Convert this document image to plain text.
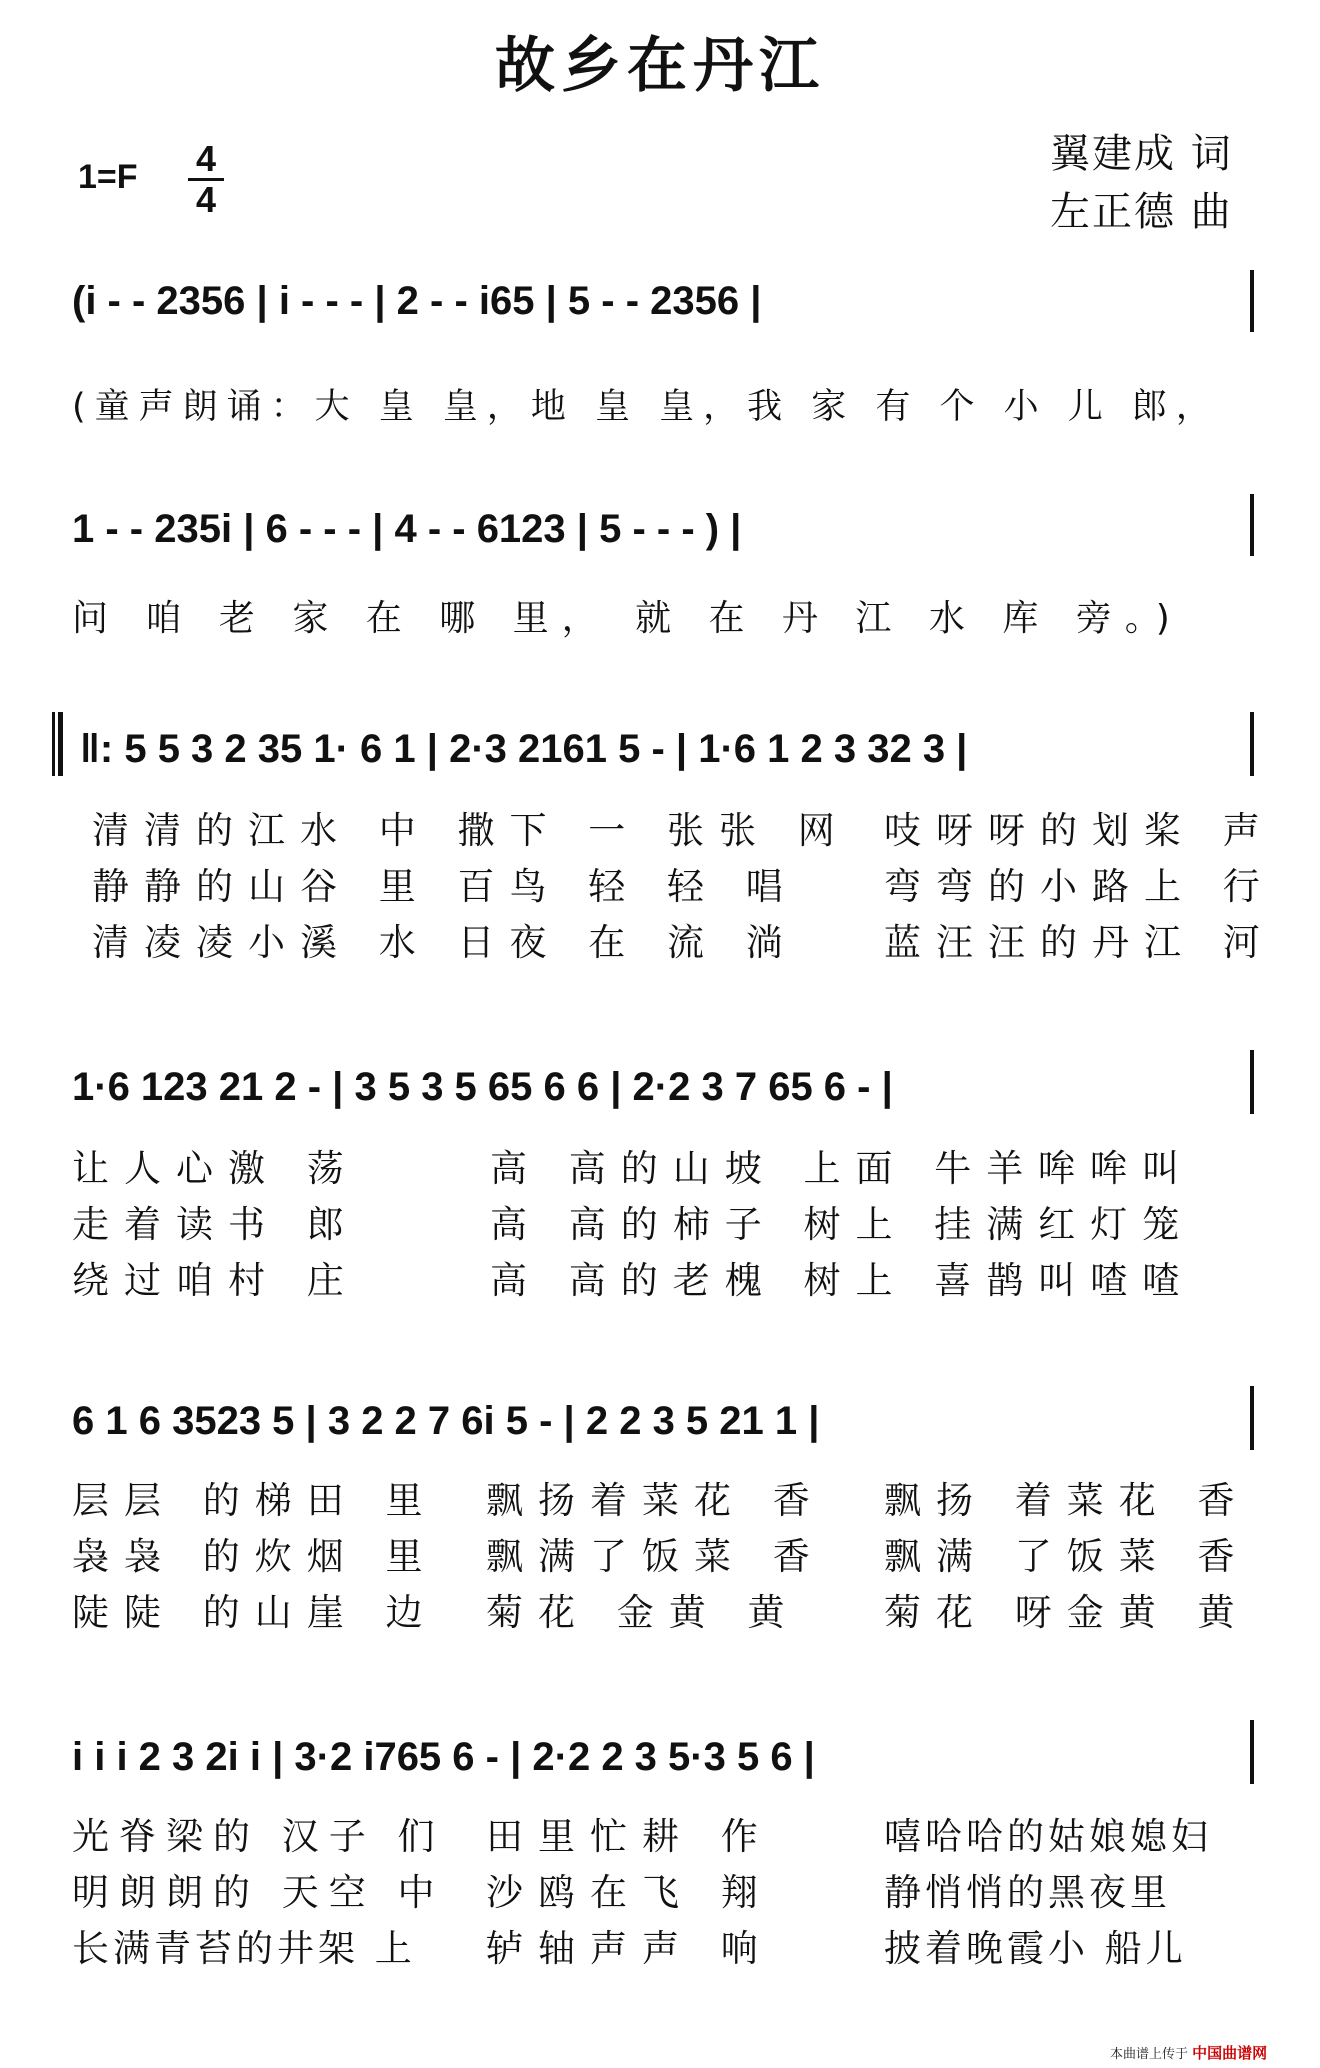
故乡在丹江
1=F 4
4
翼建成 词
左正德 曲
(i - - 2356 | i - - - | 2 - - i65 | 5 - - 2356 |
(童声朗诵：大 皇 皇，地 皇 皇，我 家 有 个 小 儿 郎，
1 - - 235i | 6 - - - | 4 - - 6123 | 5 - - - ) |
问 咱 老 家 在 哪 里， 就 在 丹 江 水 库 旁。)
‖: 5 5 3 2 35 1· 6 1 | 2·3 2161 5 - | 1·6 1 2 3 32 3 |
清清的江水 中 撒下 一 张张 网 吱呀呀的划桨 声
静静的山谷 里 百鸟 轻 轻 唱 弯弯的小路上 行
清凌凌小溪 水 日夜 在 流 淌 蓝汪汪的丹江 河
1·6 123 21 2 - | 3 5 3 5 65 6 6 | 2·2 3 7 65 6 - |
让人心激 荡	高 高的山坡 上面 牛羊哞哞叫
走着读书 郎	高 高的柿子 树上 挂满红灯笼
绕过咱村 庄	高 高的老槐 树上 喜鹊叫喳喳
6 1 6 3523 5 | 3 2 2 7 6i 5 - | 2 2 3 5 21 1 |
层层 的梯田 里 飘扬着菜花 香 飘扬 着菜花 香
袅袅 的炊烟 里 飘满了饭菜 香 飘满 了饭菜 香
陡陡 的山崖 边 菊花 金黄 黄 菊花 呀金黄 黄
i i i 2 3 2i i | 3·2 i765 6 - | 2·2 2 3 5·3 5 6 |
光脊梁的 汉子 们 田里忙耕 作	嘻哈哈的姑娘媳妇
明朗朗的 天空 中 沙鸥在飞 翔	静悄悄的黑夜里
长满青苔的井架 上 轳轴声声 响	披着晚霞小 船儿
本曲谱上传于 中国曲谱网
